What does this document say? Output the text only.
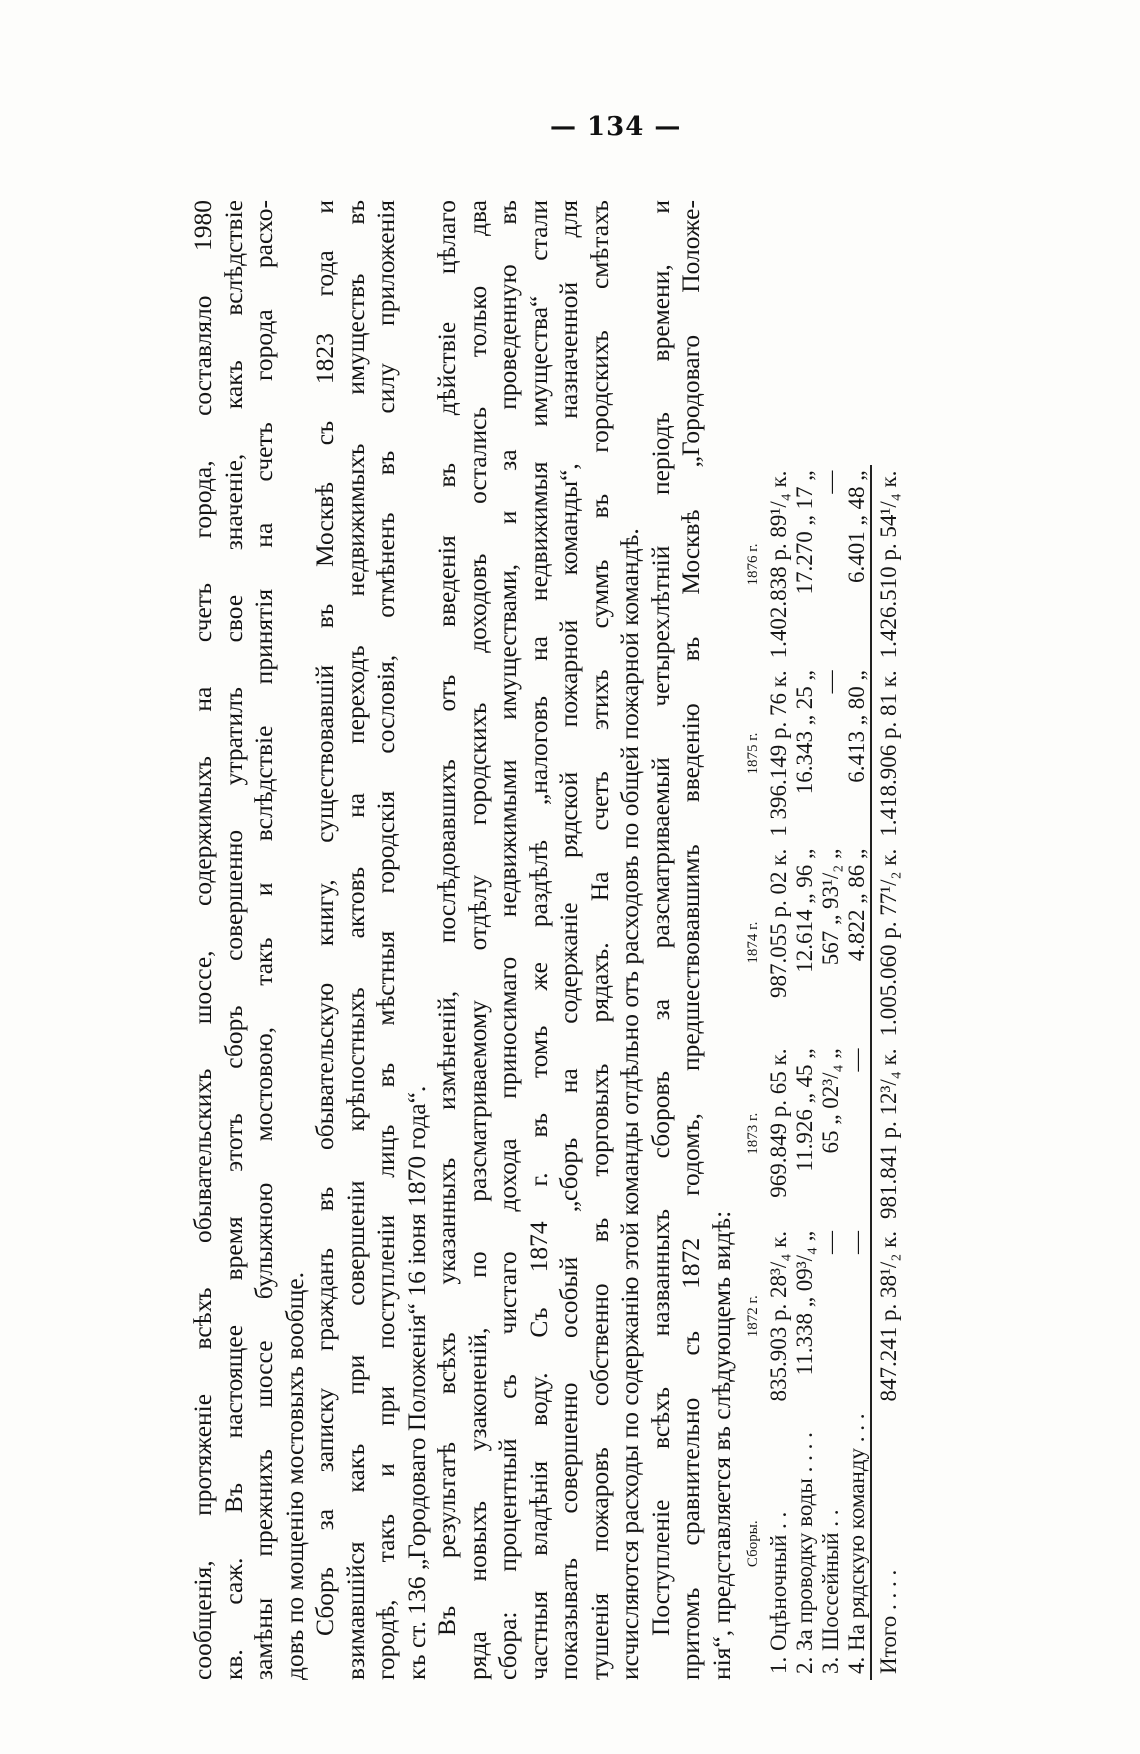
— 134 —
сообщенія, протяженіе всѣхъ обывательскихъ шоссе, содержимыхъ на счетъ города, составляло 1980 кв. саж. Въ настоящее время этотъ сборъ совершенно утратилъ свое значеніе, какъ вслѣдствіе замѣны прежнихъ шоссе булыжною мостовою, такъ и вслѣдствіе принятія на счетъ города расхо- довъ по мощенію мостовыхъ вообще. Сборъ за записку гражданъ въ обывательскую книгу, существовавшій въ Москвѣ съ 1823 года и взимавшійся какъ при совершеніи крѣпостныхъ актовъ на переходъ недвижимыхъ имуществъ въ городѣ, такъ и при поступленіи лицъ въ мѣстныя городскія сословія, отмѣненъ въ силу приложенія къ ст. 136 „Городоваго Положенія“ 16 іюня 1870 года“. Въ результатѣ всѣхъ указанныхъ измѣненій, послѣдовавшихъ отъ введенія въ дѣйствіе цѣлаго ряда новыхъ узаконеній, по разсматриваемому отдѣлу городскихъ доходовъ остались только два сбора: процентный съ чистаго дохода приносимаго недвижимыми имуществами, и за проведенную въ частныя владѣнія воду. Съ 1874 г. въ томъ же раздѣлѣ „налоговъ на недвижимыя имущества“ стали показывать совершенно особый „сборъ на содержаніе рядской пожарной команды“, назначенной для тушенія пожаровъ собственно въ торговыхъ рядахъ. На счетъ этихъ суммъ въ городскихъ смѣтахъ исчисляются расходы по содержанію этой команды отдѣльно отъ расходовъ по общей пожарной командѣ. Поступленіе всѣхъ названныхъ сборовъ за разсматриваемый четырехлѣтній періодъ времени, и притомъ сравнительно съ 1872 годомъ, предшествовавшимъ введенію въ Москвѣ „Городоваго Положе- нія“, представляется въ слѣдующемъ видѣ: Сборы.	1872 г.	1873 г.	1874 г.	1875 г.	1876 г.
1. Оцѣночный . .	835.903 р. 28³/₄ к.	969.849 р. 65 к.	987.055 р. 02 к.	1 396.149 р. 76 к.	1.402.838 р. 89¹/₄ к.
2. За проводку воды . . . .	11.338 „ 09³/₄ „	11.926 „ 45 „	12.614 „ 96 „	16.343 „ 25 „	17.270 „ 17 „
3. Шоссейный . .	—	65 „ 02³/₄ „	567 „ 93¹/₂ „	—	—
4. На рядскую команду . . .	—	—	4.822 „ 86 „	6.413 „ 80 „	6.401 „ 48 „
Итого . . . .	847.241 р. 38¹/₂ к.	981.841 р. 12³/₄ к.	1.005.060 р. 77¹/₂ к.	1.418.906 р. 81 к.	1.426.510 р. 54¹/₄ к.
